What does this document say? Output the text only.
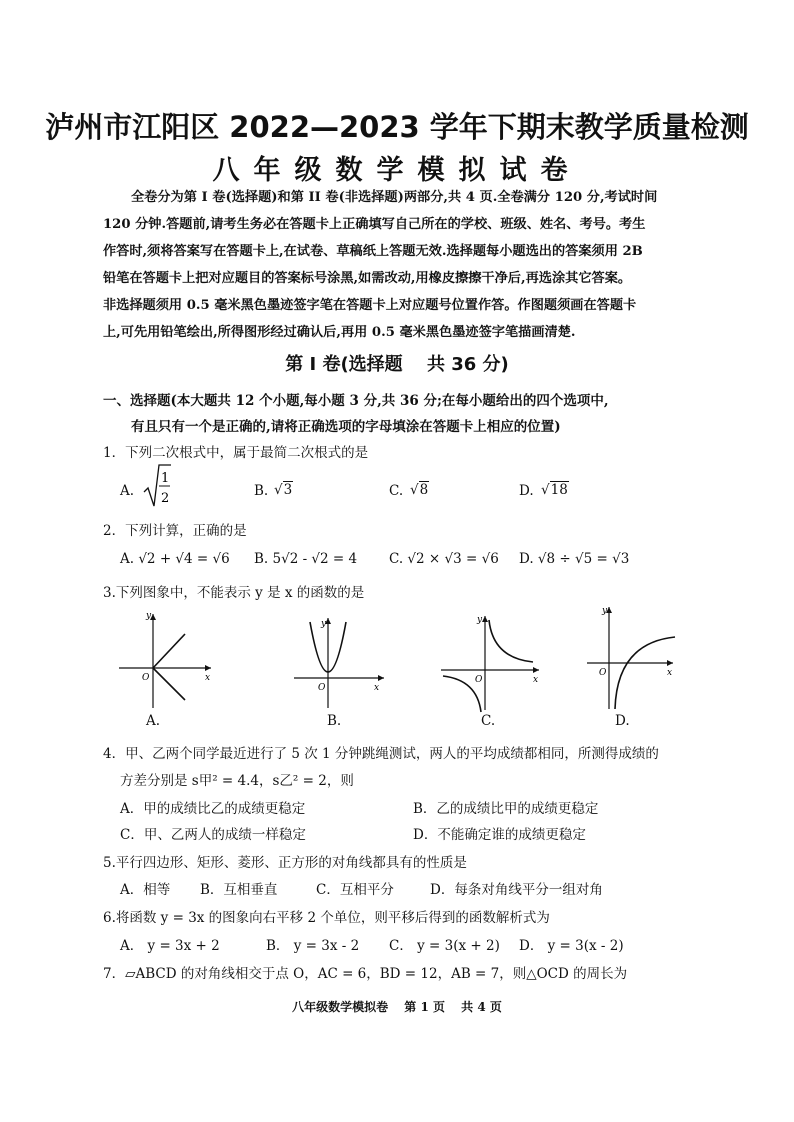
泸州市江阳区 2022—2023 学年下期末教学质量检测
八年级数学模拟试卷
全卷分为第 I 卷(选择题)和第 II 卷(非选择题)两部分,共 4 页.全卷满分 120 分,考试时间
120 分钟.答题前,请考生务必在答题卡上正确填写自己所在的学校、班级、姓名、考号。考生
作答时,须将答案写在答题卡上,在试卷、草稿纸上答题无效.选择题每小题选出的答案须用 2B
铅笔在答题卡上把对应题目的答案标号涂黑,如需改动,用橡皮擦擦干净后,再选涂其它答案。
非选择题须用 0.5 毫米黑色墨迹签字笔在答题卡上对应题号位置作答。作图题须画在答题卡
上,可先用铅笔绘出,所得图形经过确认后,再用 0.5 毫米黑色墨迹签字笔描画清楚.
第 I 卷(选择题　 共 36 分)
一、选择题(本大题共 12 个小题,每小题 3 分,共 36 分;在每小题给出的四个选项中,
有且只有一个是正确的,请将正确选项的字母填涂在答题卡上相应的位置)
1．下列二次根式中，属于最简二次根式的是
A.
1
2	B. √3	C. √8	D. √18
2．下列计算，正确的是
A. √2 + √4 = √6 B. 5√2 - √2 = 4 C. √2 × √3 = √6 D. √8 ÷ √5 = √3
3.下列图象中，不能表示 y 是 x 的函数的是
y
x
O
A.
y
x
O
B.
y
x
O
C.
y
x
O
D.
4．甲、乙两个同学最近进行了 5 次 1 分钟跳绳测试，两人的平均成绩都相同，所测得成绩的
方差分别是 s甲² = 4.4，s乙² = 2，则
A．甲的成绩比乙的成绩更稳定	B．乙的成绩比甲的成绩更稳定
C．甲、乙两人的成绩一样稳定	D．不能确定谁的成绩更稳定
5.平行四边形、矩形、菱形、正方形的对角线都具有的性质是
A．相等 B．互相垂直	C．互相平分	D．每条对角线平分一组对角
6.将函数 y = 3x 的图象向右平移 2 个单位，则平移后得到的函数解析式为
A． y = 3x + 2	B． y = 3x - 2 C． y = 3(x + 2) D． y = 3(x - 2)
7．▱ABCD 的对角线相交于点 O，AC = 6，BD = 12，AB = 7，则△OCD 的周长为
八年级数学模拟卷　 第 1 页　 共 4 页
